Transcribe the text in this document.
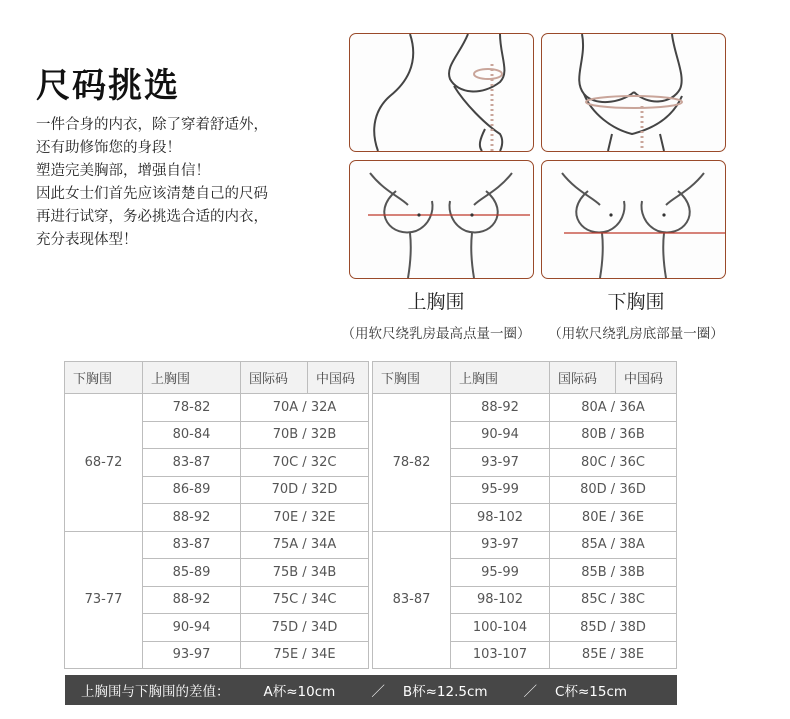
尺码挑选
一件合身的内衣，除了穿着舒适外，
还有助修饰您的身段！
塑造完美胸部，增强自信！
因此女士们首先应该清楚自己的尺码
再进行试穿，务必挑选合适的内衣，
充分表现体型！
上胸围
（用软尺绕乳房最高点量一圈）
下胸围
（用软尺绕乳房底部量一圈）
下胸围	上胸围	国际码	中国码
68-72	78-82	70A / 32A	
	80-84	70B / 32B	
	83-87	70C / 32C	
	86-89	70D / 32D	
	88-92	70E / 32E	
73-77	83-87	75A / 34A	
	85-89	75B / 34B	
	88-92	75C / 34C	
	90-94	75D / 34D	
	93-97	75E / 34E	
下胸围	上胸围	国际码	中国码
78-82	88-92	80A / 36A	
	90-94	80B / 36B	
	93-97	80C / 36C	
	95-99	80D / 36D	
	98-102	80E / 36E	
83-87	93-97	85A / 38A	
	95-99	85B / 38B	
	98-102	85C / 38C	
	100-104	85D / 38D	
	103-107	85E / 38E	
上胸围与下胸围的差值：	A杯≈10cm	／ B杯≈12.5cm	／ C杯≈15cm
